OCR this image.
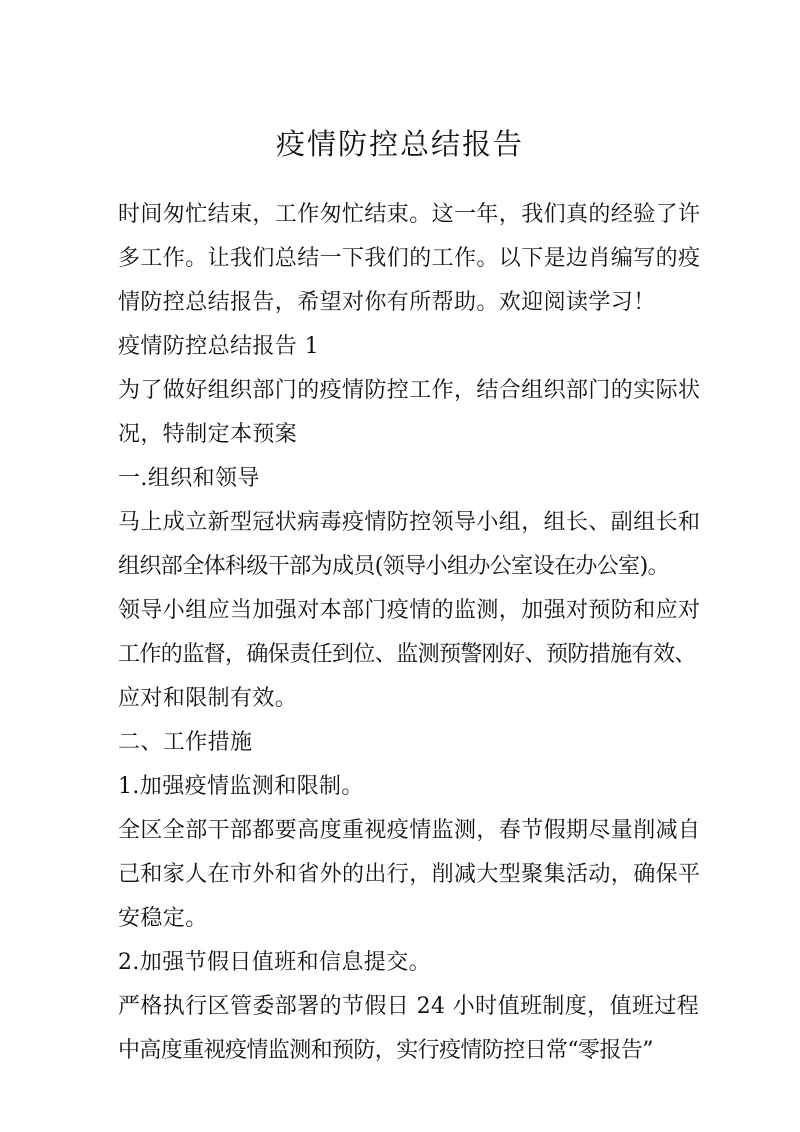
疫情防控总结报告
时间匆忙结束，工作匆忙结束。这一年，我们真的经验了许
多工作。让我们总结一下我们的工作。以下是边肖编写的疫
情防控总结报告，希望对你有所帮助。欢迎阅读学习！
疫情防控总结报告 1
为了做好组织部门的疫情防控工作，结合组织部门的实际状
况，特制定本预案
一.组织和领导
马上成立新型冠状病毒疫情防控领导小组，组长、副组长和
组织部全体科级干部为成员(领导小组办公室设在办公室)。
领导小组应当加强对本部门疫情的监测，加强对预防和应对
工作的监督，确保责任到位、监测预警刚好、预防措施有效、
应对和限制有效。
二、工作措施
1.加强疫情监测和限制。
全区全部干部都要高度重视疫情监测，春节假期尽量削减自
己和家人在市外和省外的出行，削减大型聚集活动，确保平
安稳定。
2.加强节假日值班和信息提交。
严格执行区管委部署的节假日 24 小时值班制度，值班过程
中高度重视疫情监测和预防，实行疫情防控日常“零报告”
